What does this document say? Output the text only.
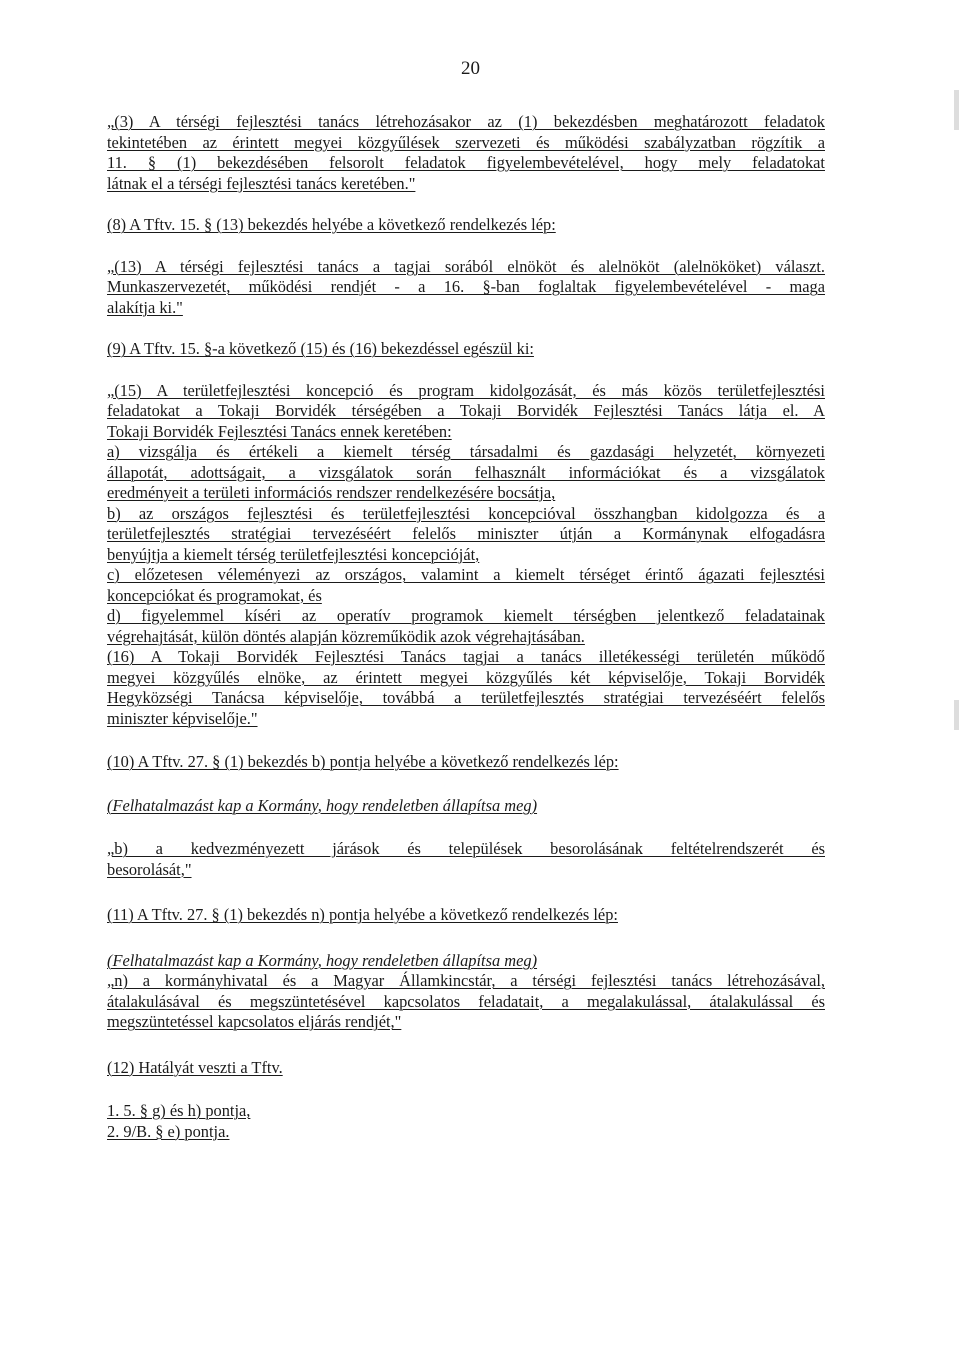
20
„(3) A térségi fejlesztési tanács létrehozásakor az (1) bekezdésben meghatározott feladatok
tekintetében az érintett megyei közgyűlések szervezeti és működési szabályzatban rögzítik a
11. § (1) bekezdésében felsorolt feladatok figyelembevételével, hogy mely feladatokat
látnak el a térségi fejlesztési tanács keretében."
(8) A Tftv. 15. § (13) bekezdés helyébe a következő rendelkezés lép:
„(13) A térségi fejlesztési tanács a tagjai sorából elnököt és alelnököt (alelnököket) választ.
Munkaszervezetét, működési rendjét - a 16. §-ban foglaltak figyelembevételével - maga
alakítja ki."
(9) A Tftv. 15. §-a következő (15) és (16) bekezdéssel egészül ki:
„(15) A területfejlesztési koncepció és program kidolgozását, és más közös területfejlesztési
feladatokat a Tokaji Borvidék térségében a Tokaji Borvidék Fejlesztési Tanács látja el. A
Tokaji Borvidék Fejlesztési Tanács ennek keretében:
a) vizsgálja és értékeli a kiemelt térség társadalmi és gazdasági helyzetét, környezeti
állapotát, adottságait, a vizsgálatok során felhasznált információkat és a vizsgálatok
eredményeit a területi információs rendszer rendelkezésére bocsátja,
b) az országos fejlesztési és területfejlesztési koncepcióval összhangban kidolgozza és a
területfejlesztés stratégiai tervezéséért felelős miniszter útján a Kormánynak elfogadásra
benyújtja a kiemelt térség területfejlesztési koncepcióját,
c) előzetesen véleményezi az országos, valamint a kiemelt térséget érintő ágazati fejlesztési
koncepciókat és programokat, és
d) figyelemmel kíséri az operatív programok kiemelt térségben jelentkező feladatainak
végrehajtását, külön döntés alapján közreműködik azok végrehajtásában.
(16) A Tokaji Borvidék Fejlesztési Tanács tagjai a tanács illetékességi területén működő
megyei közgyűlés elnöke, az érintett megyei közgyűlés két képviselője, Tokaji Borvidék
Hegyközségi Tanácsa képviselője, továbbá a területfejlesztés stratégiai tervezéséért felelős
miniszter képviselője."
(10) A Tftv. 27. § (1) bekezdés b) pontja helyébe a következő rendelkezés lép:
(Felhatalmazást kap a Kormány, hogy rendeletben állapítsa meg)
„b) a kedvezményezett járások és települések besorolásának feltételrendszerét és
besorolását,"
(11) A Tftv. 27. § (1) bekezdés n) pontja helyébe a következő rendelkezés lép:
(Felhatalmazást kap a Kormány, hogy rendeletben állapítsa meg)
„n) a kormányhivatal és a Magyar Államkincstár, a térségi fejlesztési tanács létrehozásával,
átalakulásával és megszüntetésével kapcsolatos feladatait, a megalakulással, átalakulással és
megszüntetéssel kapcsolatos eljárás rendjét,"
(12) Hatályát veszti a Tftv.
1. 5. § g) és h) pontja,
2. 9/B. § e) pontja.
